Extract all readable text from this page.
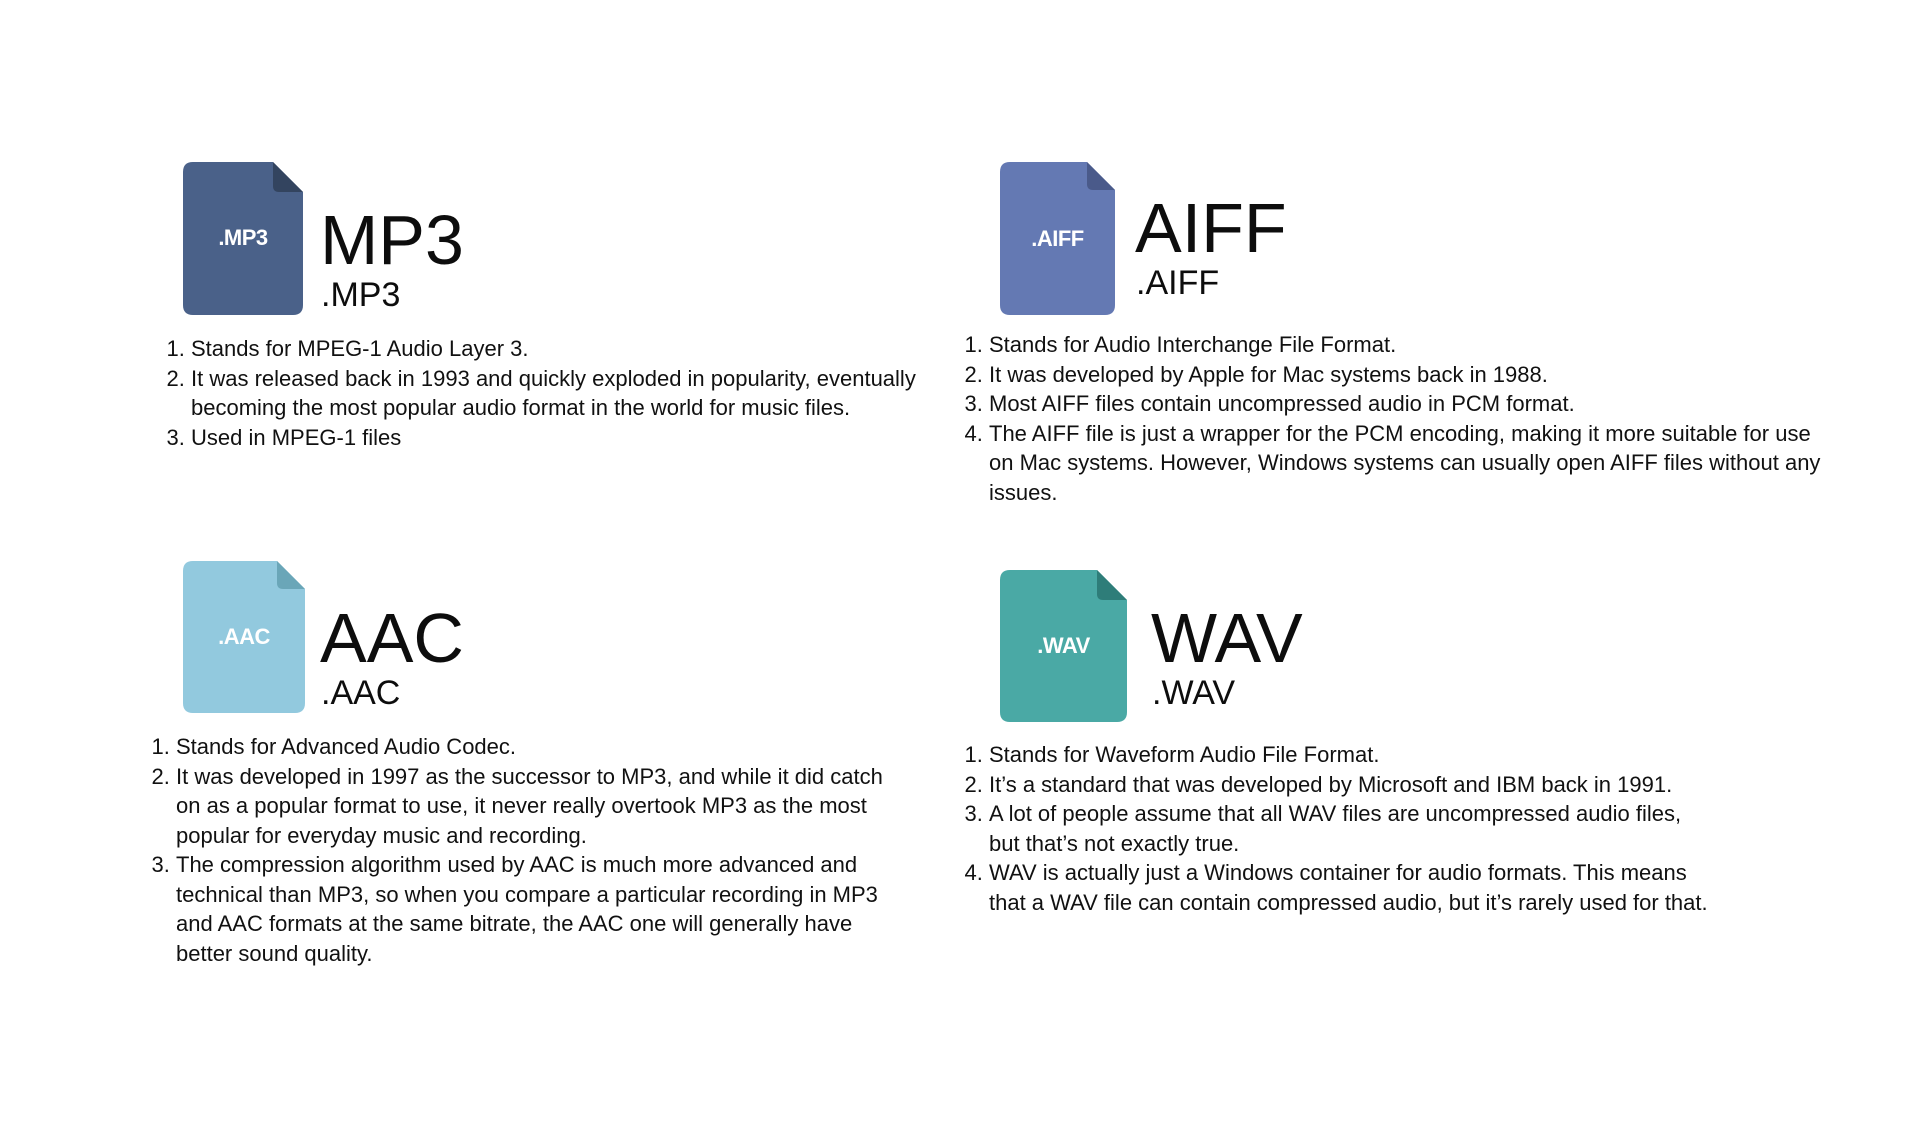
.MP3 MP3
.MP3
1. Stands for MPEG-1 Audio Layer 3.
2. It was released back in 1993 and quickly exploded in popularity, eventually becoming the most popular audio format in the world for music files.
3. Used in MPEG-1 files
.AIFF AIFF
.AIFF
1. Stands for Audio Interchange File Format.
2. It was developed by Apple for Mac systems back in 1988.
3. Most AIFF files contain uncompressed audio in PCM format.
4. The AIFF file is just a wrapper for the PCM encoding, making it more suitable for use on Mac systems. However, Windows systems can usually open AIFF files without any issues.
.AAC AAC
.AAC
1. Stands for Advanced Audio Codec.
2. It was developed in 1997 as the successor to MP3, and while it did catch on as a popular format to use, it never really overtook MP3 as the most popular for everyday music and recording.
3. The compression algorithm used by AAC is much more advanced and technical than MP3, so when you compare a particular recording in MP3 and AAC formats at the same bitrate, the AAC one will generally have better sound quality.
.WAV WAV
.WAV
1. Stands for Waveform Audio File Format.
2. It’s a standard that was developed by Microsoft and IBM back in 1991.
3. A lot of people assume that all WAV files are uncompressed audio files, but that’s not exactly true.
4. WAV is actually just a Windows container for audio formats. This means that a WAV file can contain compressed audio, but it’s rarely used for that.
